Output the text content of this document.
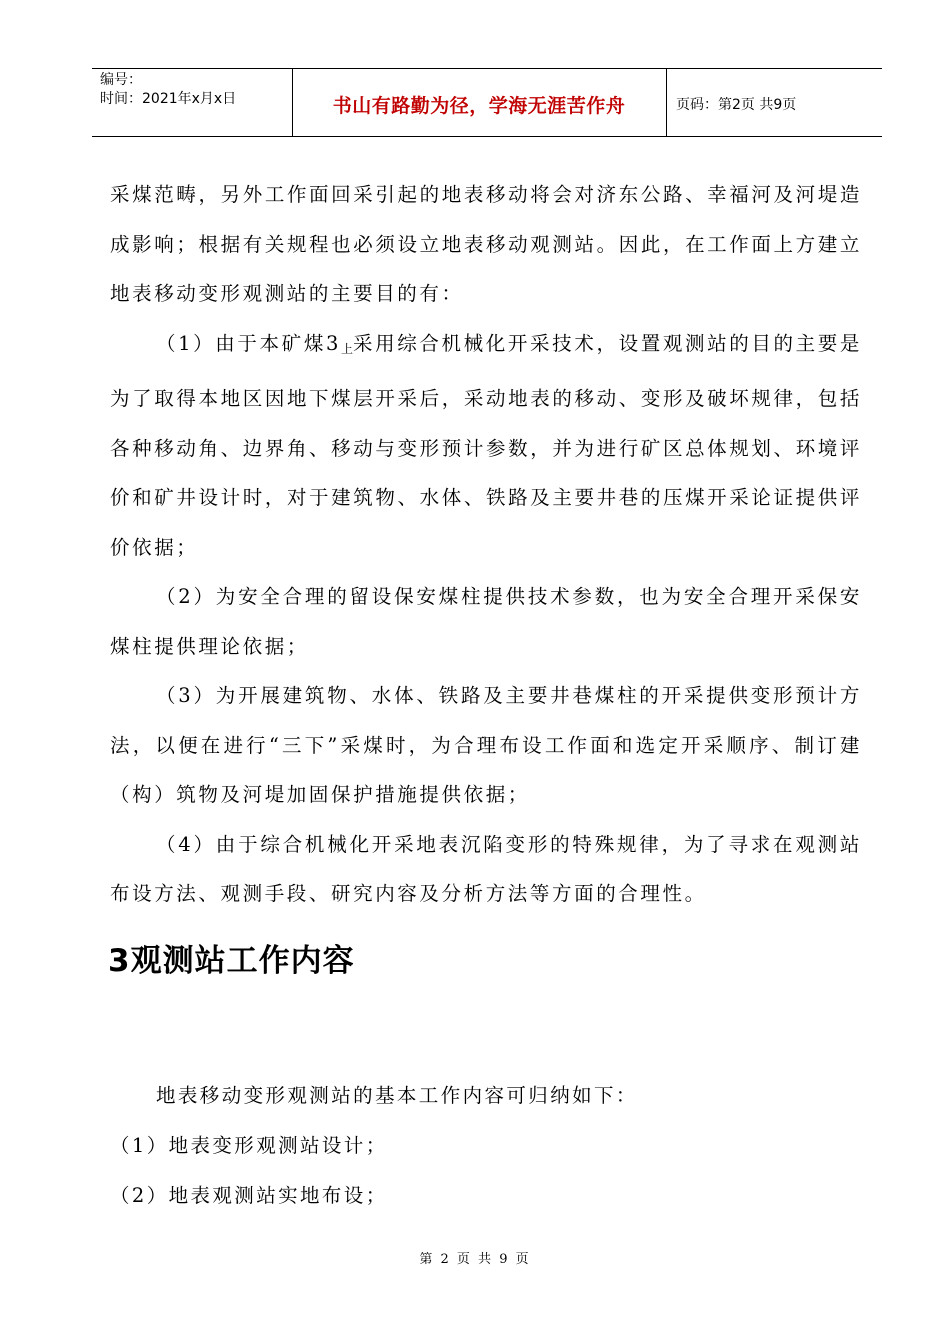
编号：
时间：2021年x月x日	书山有路勤为径，学海无涯苦作舟	页码：第2页 共9页

采煤范畴，另外工作面回采引起的地表移动将会对济东公路、幸福河及河堤造成影响；根据有关规程也必须设立地表移动观测站。因此，在工作面上方建立地表移动变形观测站的主要目的有：

（1）由于本矿煤$3_上$采用综合机械化开采技术，设置观测站的目的主要是为了取得本地区因地下煤层开采后，采动地表的移动、变形及破坏规律，包括各种移动角、边界角、移动与变形预计参数，并为进行矿区总体规划、环境评价和矿井设计时，对于建筑物、水体、铁路及主要井巷的压煤开采论证提供评价依据；

（2）为安全合理的留设保安煤柱提供技术参数，也为安全合理开采保安煤柱提供理论依据；

（3）为开展建筑物、水体、铁路及主要井巷煤柱的开采提供变形预计方法，以便在进行“三下”采煤时，为合理布设工作面和选定开采顺序、制订建（构）筑物及河堤加固保护措施提供依据；

（4）由于综合机械化开采地表沉陷变形的特殊规律，为了寻求在观测站布设方法、观测手段、研究内容及分析方法等方面的合理性。

3观测站工作内容

地表移动变形观测站的基本工作内容可归纳如下：

（1）地表变形观测站设计；

（2）地表观测站实地布设；

第 2 页 共 9 页
